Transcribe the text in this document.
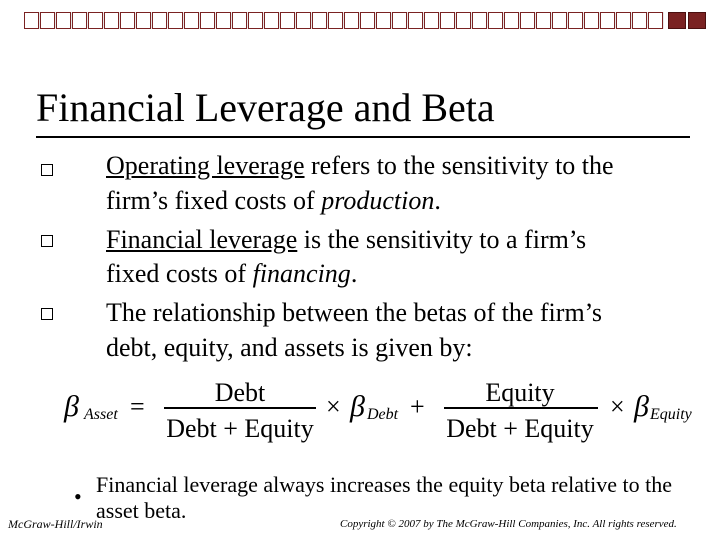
Financial Leverage and Beta
Operating leverage refers to the sensitivity to the
firm’s fixed costs of production.
Financial leverage is the sensitivity to a firm’s
fixed costs of financing.
The relationship between the betas of the firm’s
debt, equity, and assets is given by:
β Asset =	Debt
Debt + Equity
× β Debt +	Equity
Debt + Equity
× β Equity
• Financial leverage always increases the equity beta relative to the asset beta.
McGraw-Hill/Irwin	Copyright © 2007 by The McGraw-Hill Companies, Inc. All rights reserved.
